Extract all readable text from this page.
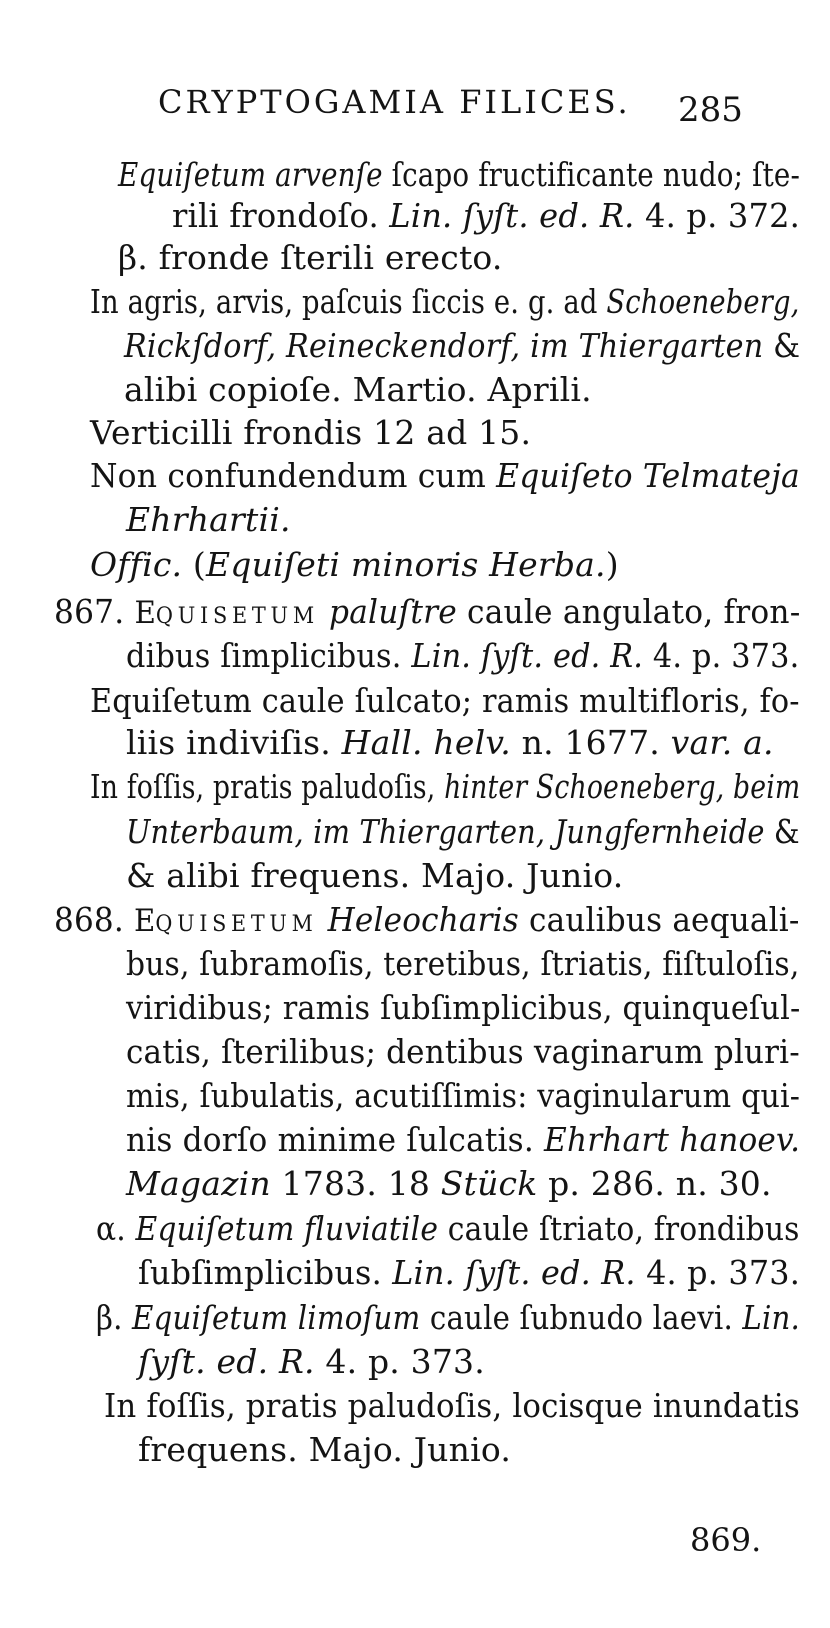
CRYPTOGAMIA FILICES. 285
Equiſetum arvenſe ſcapo fructificante nudo; ſte-
rili frondoſo. Lin. ſyſt. ed. R. 4. p. 372.
β. fronde ſterili erecto.
In agris, arvis, paſcuis ſiccis e. g. ad Schoeneberg,
Rickſdorf, Reineckendorf, im Thiergarten &
alibi copioſe. Martio. Aprili.
Verticilli frondis 12 ad 15.
Non confundendum cum Equiſeto Telmateja
Ehrhartii.
Offic. (Equiſeti minoris Herba.)
867. EQUISETUM paluſtre caule angulato, fron-
dibus ſimplicibus. Lin. ſyſt. ed. R. 4. p. 373.
Equiſetum caule ſulcato; ramis multifloris, fo-
liis indiviſis. Hall. helv. n. 1677. var. a.
In foſſis, pratis paludoſis, hinter Schoeneberg, beim
Unterbaum, im Thiergarten, Jungfernheide &
& alibi frequens. Majo. Junio.
868. EQUISETUM Heleocharis caulibus aequali-
bus, ſubramoſis, teretibus, ſtriatis, fiſtuloſis,
viridibus; ramis ſubſimplicibus, quinqueſul-
catis, ſterilibus; dentibus vaginarum pluri-
mis, ſubulatis, acutiſſimis: vaginularum qui-
nis dorſo minime ſulcatis. Ehrhart hanoev.
Magazin 1783. 18 Stück p. 286. n. 30.
α. Equiſetum fluviatile caule ſtriato, frondibus
ſubſimplicibus. Lin. ſyſt. ed. R. 4. p. 373.
β. Equiſetum limoſum caule ſubnudo laevi. Lin.
ſyſt. ed. R. 4. p. 373.
In foſſis, pratis paludoſis, locisque inundatis
frequens. Majo. Junio.
869.
